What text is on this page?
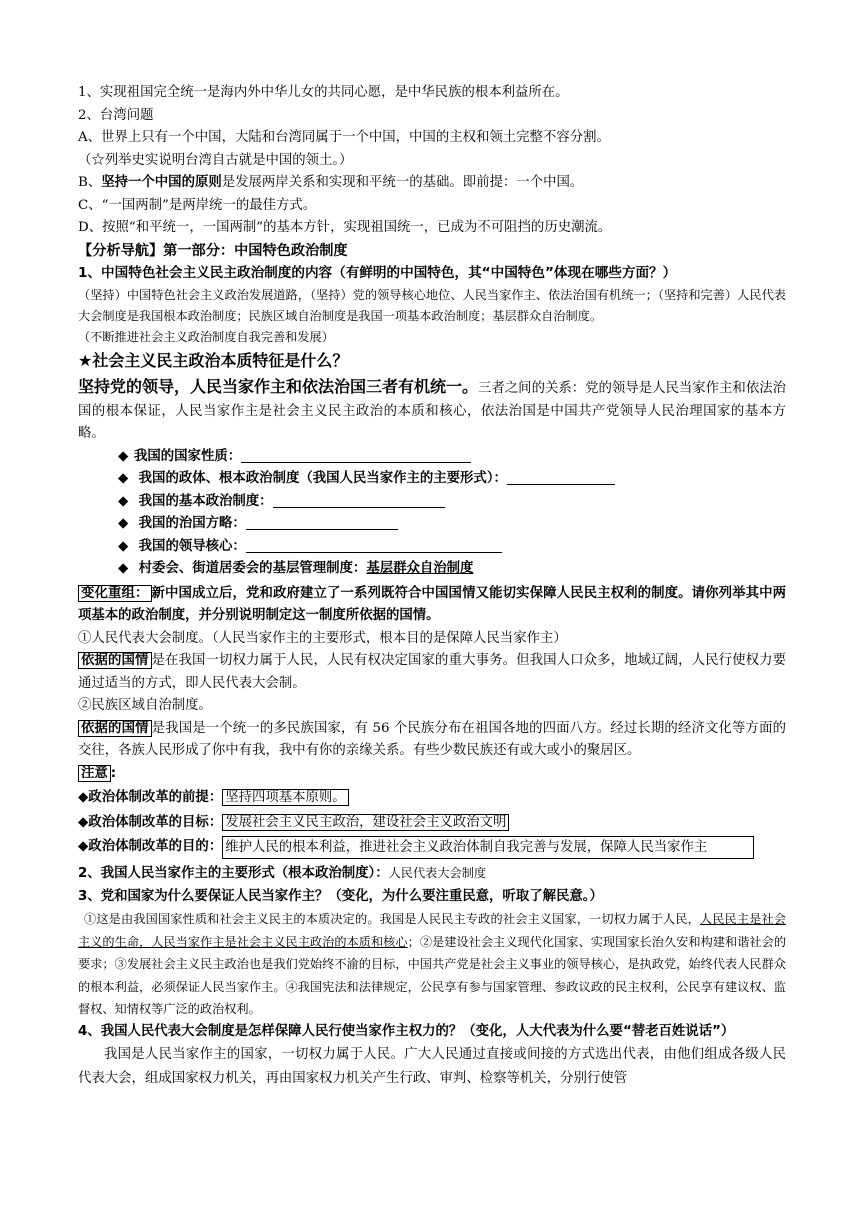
1、实现祖国完全统一是海内外中华儿女的共同心愿，是中华民族的根本利益所在。
2、台湾问题
A、世界上只有一个中国，大陆和台湾同属于一个中国，中国的主权和领土完整不容分割。
（☆列举史实说明台湾自古就是中国的领土。）
B、坚持一个中国的原则是发展两岸关系和实现和平统一的基础。即前提：一个中国。
C、“一国两制”是两岸统一的最佳方式。
D、按照“和平统一，一国两制”的基本方针，实现祖国统一，已成为不可阻挡的历史潮流。
【分析导航】第一部分：中国特色政治制度
1、中国特色社会主义民主政治制度的内容（有鲜明的中国特色，其“中国特色”体现在哪些方面？）
（坚持）中国特色社会主义政治发展道路，（坚持）党的领导核心地位、人民当家作主、依法治国有机统一；（坚持和完善）人民代表大会制度是我国根本政治制度；民族区域自治制度是我国一项基本政治制度；基层群众自治制度。
（不断推进社会主义政治制度自我完善和发展）
★社会主义民主政治本质特征是什么？
坚持党的领导，人民当家作主和依法治国三者有机统一。三者之间的关系：党的领导是人民当家作主和依法治国的根本保证，人民当家作主是社会主义民主政治的本质和核心，依法治国是中国共产党领导人民治理国家的基本方略。
◆ 我国的国家性质：
◆ 我国的政体、根本政治制度（我国人民当家作主的主要形式）：
◆ 我国的基本政治制度：
◆ 我国的治国方略：
◆ 我国的领导核心：
◆ 村委会、街道居委会的基层管理制度：基层群众自治制度
变化重组： 新中国成立后，党和政府建立了一系列既符合中国国情又能切实保障人民民主权利的制度。请你列举其中两项基本的政治制度，并分别说明制定这一制度所依据的国情。
①人民代表大会制度。（人民当家作主的主要形式，根本目的是保障人民当家作主）
依据的国情 是在我国一切权力属于人民，人民有权决定国家的重大事务。但我国人口众多，地域辽阔，人民行使权力要通过适当的方式，即人民代表大会制。
②民族区域自治制度。
依据的国情 是我国是一个统一的多民族国家，有 56 个民族分布在祖国各地的四面八方。经过长期的经济文化等方面的交往，各族人民形成了你中有我，我中有你的亲缘关系。有些少数民族还有或大或小的聚居区。
注意 :
◆政治体制改革的前提： 坚持四项基本原则。
◆政治体制改革的目标： 发展社会主义民主政治，建设社会主义政治文明
◆政治体制改革的目的： 维护人民的根本利益，推进社会主义政治体制自我完善与发展，保障人民当家作主
2、我国人民当家作主的主要形式（根本政治制度）：人民代表大会制度
3、党和国家为什么要保证人民当家作主？（变化，为什么要注重民意，听取了解民意。）
①这是由我国国家性质和社会主义民主的本质决定的。我国是人民民主专政的社会主义国家，一切权力属于人民，人民民主是社会主义的生命，人民当家作主是社会主义民主政治的本质和核心；②是建设社会主义现代化国家、实现国家长治久安和构建和谐社会的要求；③发展社会主义民主政治也是我们党始终不渝的目标，中国共产党是社会主义事业的领导核心，是执政党，始终代表人民群众的根本利益，必须保证人民当家作主。④我国宪法和法律规定，公民享有参与国家管理、参政议政的民主权利，公民享有建议权、监督权、知情权等广泛的政治权利。
4、我国人民代表大会制度是怎样保障人民行使当家作主权力的？（变化，人大代表为什么要“替老百姓说话”）
我国是人民当家作主的国家，一切权力属于人民。广大人民通过直接或间接的方式选出代表，由他们组成各级人民代表大会，组成国家权力机关，再由国家权力机关产生行政、审判、检察等机关，分别行使管
